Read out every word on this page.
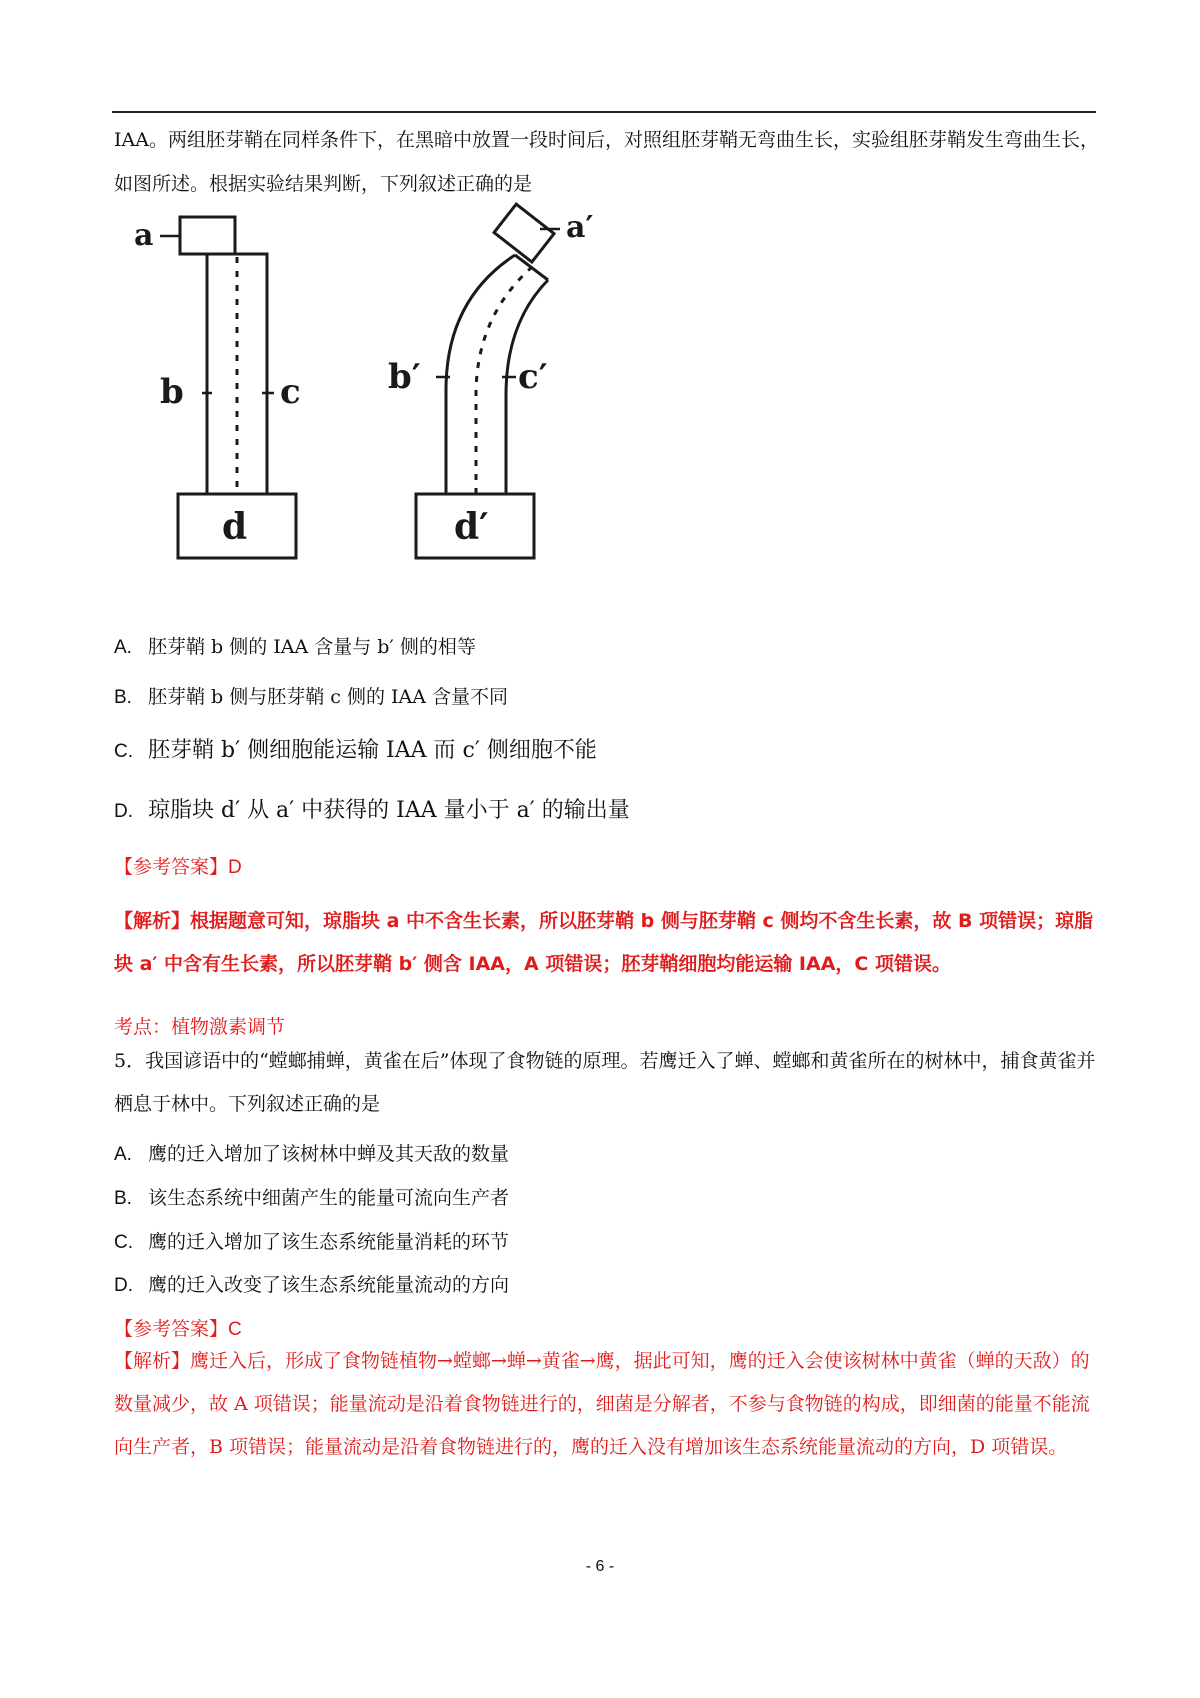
IAA。两组胚芽鞘在同样条件下，在黑暗中放置一段时间后，对照组胚芽鞘无弯曲生长，实验组胚芽鞘发生弯曲生长，如图所述。根据实验结果判断，下列叙述正确的是
a
b	c
d
a′
b′	c′
d′
A. 胚芽鞘 b 侧的 IAA 含量与 b′ 侧的相等
B. 胚芽鞘 b 侧与胚芽鞘 c 侧的 IAA 含量不同
C. 胚芽鞘 b′ 侧细胞能运输 IAA 而 c′ 侧细胞不能
D. 琼脂块 d′ 从 a′ 中获得的 IAA 量小于 a′ 的输出量
【参考答案】D
【解析】根据题意可知，琼脂块 a 中不含生长素，所以胚芽鞘 b 侧与胚芽鞘 c 侧均不含生长素，故 B 项错误；琼脂块 a′ 中含有生长素，所以胚芽鞘 b′ 侧含 IAA，A 项错误；胚芽鞘细胞均能运输 IAA，C 项错误。
考点：植物激素调节
5．我国谚语中的“螳螂捕蝉，黄雀在后”体现了食物链的原理。若鹰迁入了蝉、螳螂和黄雀所在的树林中，捕食黄雀并栖息于林中。下列叙述正确的是
A. 鹰的迁入增加了该树林中蝉及其天敌的数量
B. 该生态系统中细菌产生的能量可流向生产者
C. 鹰的迁入增加了该生态系统能量消耗的环节
D. 鹰的迁入改变了该生态系统能量流动的方向
【参考答案】C
【解析】鹰迁入后，形成了食物链植物→螳螂→蝉→黄雀→鹰，据此可知，鹰的迁入会使该树林中黄雀（蝉的天敌）的数量减少，故 A 项错误；能量流动是沿着食物链进行的，细菌是分解者，不参与食物链的构成，即细菌的能量不能流向生产者，B 项错误；能量流动是沿着食物链进行的，鹰的迁入没有增加该生态系统能量流动的方向，D 项错误。
- 6 -
